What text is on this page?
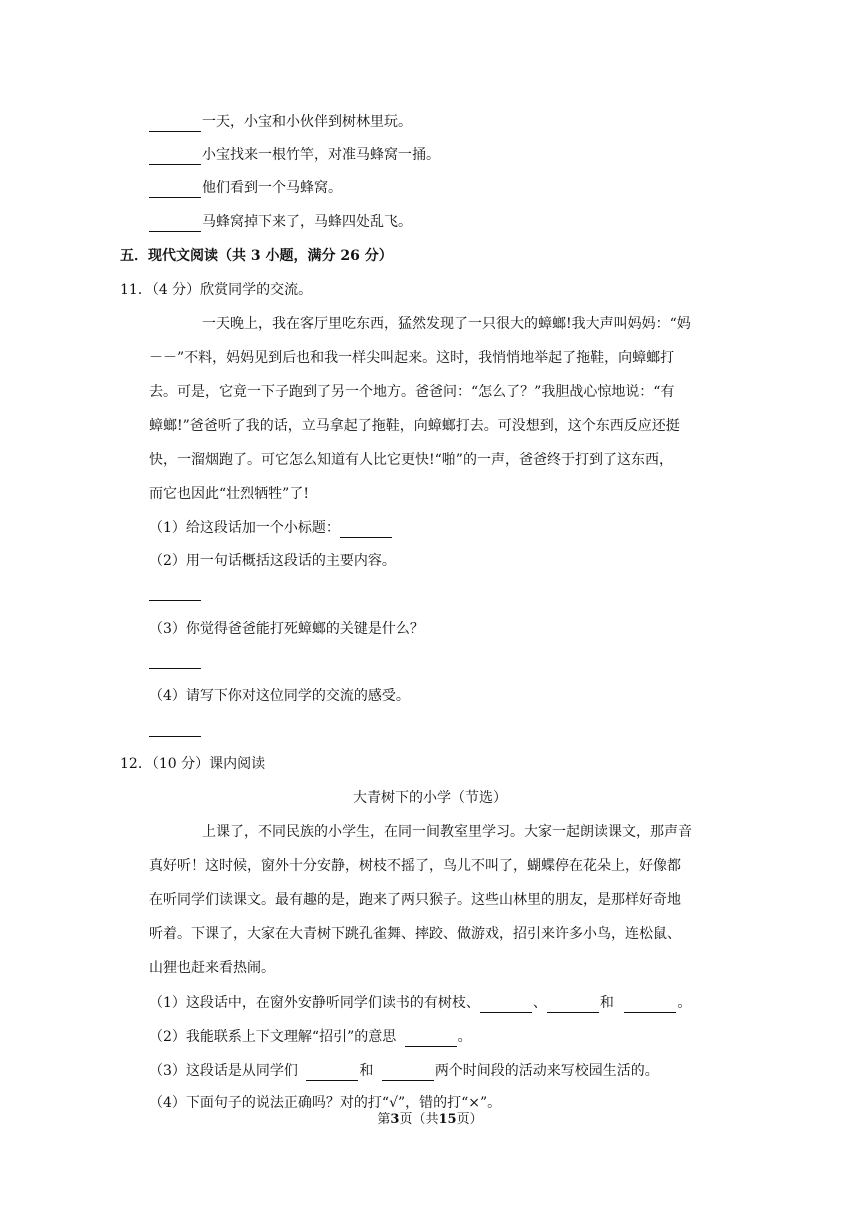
一天，小宝和小伙伴到树林里玩。
小宝找来一根竹竿，对准马蜂窝一捅。
他们看到一个马蜂窝。
马蜂窝掉下来了，马蜂四处乱飞。
五．现代文阅读（共 3 小题，满分 26 分）
11．（4 分）欣赏同学的交流。
一天晚上，我在客厅里吃东西，猛然发现了一只很大的蟑螂!我大声叫妈妈：“妈
－－”不料，妈妈见到后也和我一样尖叫起来。这时，我悄悄地举起了拖鞋，向蟑螂打
去。可是，它竟一下子跑到了另一个地方。爸爸问：“怎么了？”我胆战心惊地说：“有
蟑螂!”爸爸听了我的话，立马拿起了拖鞋，向蟑螂打去。可没想到，这个东西反应还挺
快，一溜烟跑了。可它怎么知道有人比它更快!“啪”的一声，爸爸终于打到了这东西，
而它也因此“壮烈牺牲”了!
（1）给这段话加一个小标题：
（2）用一句话概括这段话的主要内容。
（3）你觉得爸爸能打死蟑螂的关键是什么？
（4）请写下你对这位同学的交流的感受。
12．（10 分）课内阅读
大青树下的小学（节选）
上课了，不同民族的小学生，在同一间教室里学习。大家一起朗读课文，那声音
真好听！这时候，窗外十分安静，树枝不摇了，鸟儿不叫了，蝴蝶停在花朵上，好像都
在听同学们读课文。最有趣的是，跑来了两只猴子。这些山林里的朋友，是那样好奇地
听着。下课了，大家在大青树下跳孔雀舞、摔跤、做游戏，招引来许多小鸟，连松鼠、
山狸也赶来看热闹。
（1）这段话中，在窗外安静听同学们读书的有树枝、	、	和	。
（2）我能联系上下文理解“招引”的意思	。
（3）这段话是从同学们	和	两个时间段的活动来写校园生活的。
（4）下面句子的说法正确吗？对的打“√”，错的打“×”。
第3页（共15页）
